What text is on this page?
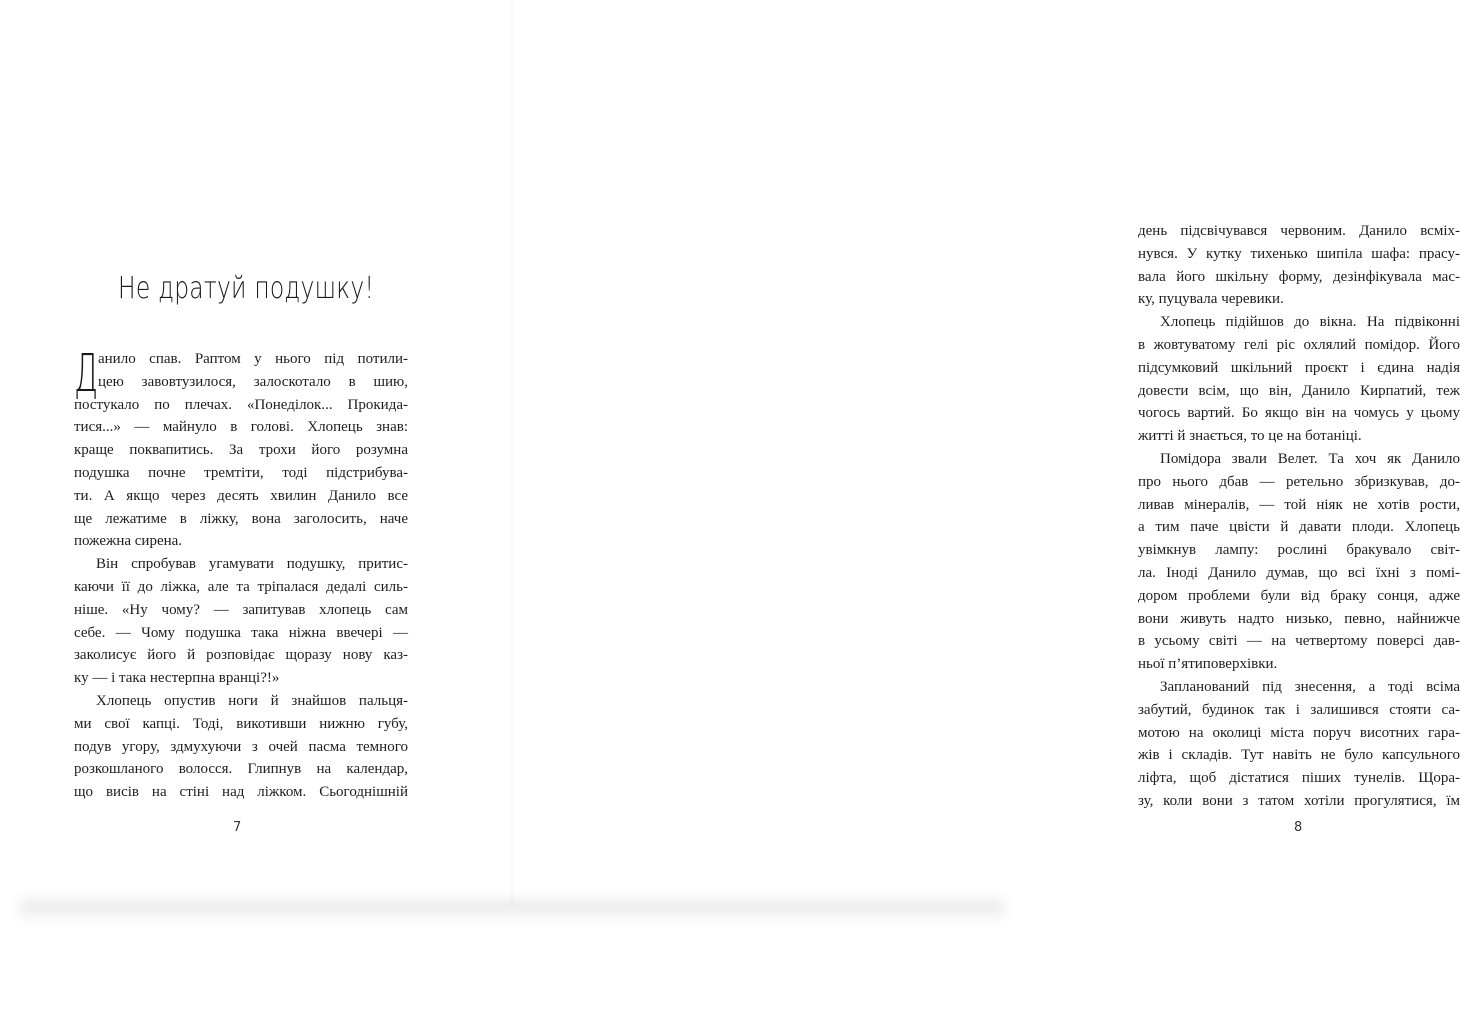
Не дратуй подушку!
Д анило спав. Раптом у нього під потили-
цею завовтузилося, залоскотало в шию,
постукало по плечах. «Понеділок... Прокида-
тися...» — майнуло в голові. Хлопець знав:
краще поквапитись. За трохи його розумна
подушка почне тремтіти, тоді підстрибува-
ти. А якщо через десять хвилин Данило все
ще лежатиме в ліжку, вона заголосить, наче
пожежна сирена.
Він спробував угамувати подушку, притис-
каючи її до ліжка, але та тріпалася дедалі силь-
ніше. «Ну чому? — запитував хлопець сам
себе. — Чому подушка така ніжна ввечері —
заколисує його й розповідає щоразу нову каз-
ку — і така нестерпна вранці?!»
Хлопець опустив ноги й знайшов пальця-
ми свої капці. Тоді, викотивши нижню губу,
подув угору, здмухуючи з очей пасма темного
розкошланого волосся. Глипнув на календар,
що висів на стіні над ліжком. Сьогоднішній
7
день підсвічувався червоним. Данило всміх-
нувся. У кутку тихенько шипіла шафа: прасу-
вала його шкільну форму, дезінфікувала мас-
ку, пуцувала черевики.
Хлопець підійшов до вікна. На підвіконні
в жовтуватому гелі ріс охлялий помідор. Його
підсумковий шкільний проєкт і єдина надія
довести всім, що він, Данило Кирпатий, теж
чогось вартий. Бо якщо він на чомусь у цьому
житті й знається, то це на ботаніці.
Помідора звали Велет. Та хоч як Данило
про нього дбав — ретельно збризкував, до-
ливав мінералів, — той ніяк не хотів рости,
а тим паче цвісти й давати плоди. Хлопець
увімкнув лампу: рослині бракувало світ-
ла. Іноді Данило думав, що всі їхні з помі-
дором проблеми були від браку сонця, адже
вони живуть надто низько, певно, найнижче
в усьому світі — на четвертому поверсі дав-
ньої п’ятиповерхівки.
Запланований під знесення, а тоді всіма
забутий, будинок так і залишився стояти са-
мотою на околиці міста поруч висотних гара-
жів і складів. Тут навіть не було капсульного
ліфта, щоб дістатися піших тунелів. Щора-
зу, коли вони з татом хотіли прогулятися, їм
8
